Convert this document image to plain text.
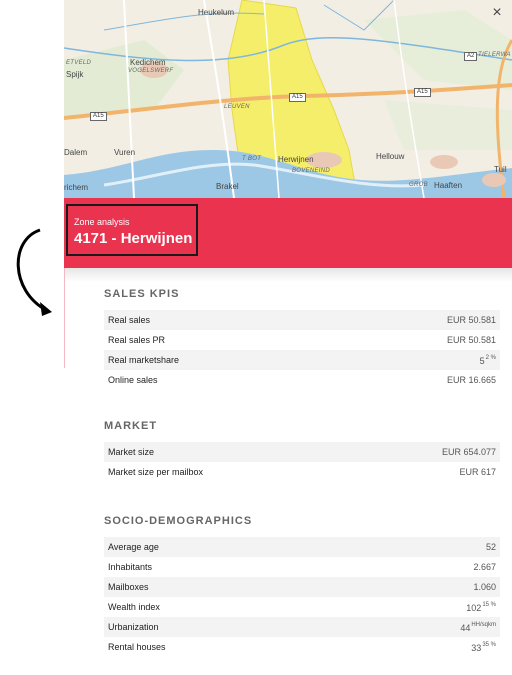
Heukelum
Kedichem
VOGELSWERF
ETVELD
Spijk
LEUVEN
Dalem	Vuren
T BOT Herwijnen
BOVENEIND
Hellouw
Tuil
Brakel	GROB Haaften
richem
TIELERWA
A15
A15
A15
A2
×
Zone analysis
4171 - Herwijnen
SALES KPIS
Real sales	EUR 50.581
Real sales PR	EUR 50.581
Real marketshare	$5^{2 \%}$
Online sales	EUR 16.665
MARKET
Market size	EUR 654.077
Market size per mailbox	EUR 617
SOCIO-DEMOGRAPHICS
Average age	52
Inhabitants	2.667
Mailboxes	1.060
Wealth index	$102^{15 \%}$
Urbanization	$44^{HH/sqkm}$
Rental houses	$33^{35 \%}$
